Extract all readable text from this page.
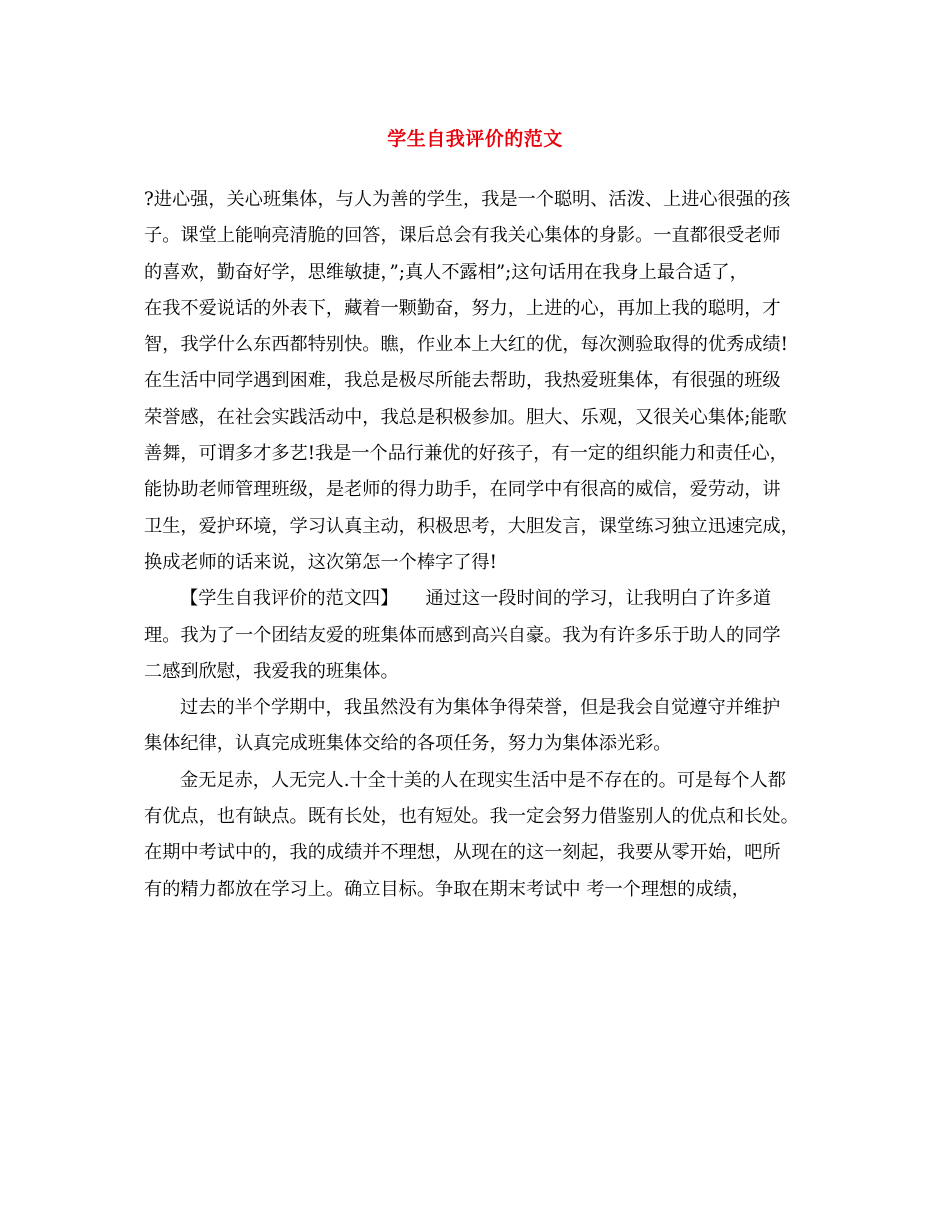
学生自我评价的范文
?进心强，关心班集体，与人为善的学生，我是一个聪明、活泼、上进心很强的孩
子。课堂上能响亮清脆的回答，课后总会有我关心集体的身影。一直都很受老师
的喜欢，勤奋好学，思维敏捷，”;真人不露相”;这句话用在我身上最合适了，
在我不爱说话的外表下，藏着一颗勤奋，努力，上进的心，再加上我的聪明，才
智，我学什么东西都特别快。瞧，作业本上大红的优，每次测验取得的优秀成绩!
在生活中同学遇到困难，我总是极尽所能去帮助，我热爱班集体，有很强的班级
荣誉感，在社会实践活动中，我总是积极参加。胆大、乐观，又很关心集体;能歌
善舞，可谓多才多艺!我是一个品行兼优的好孩子，有一定的组织能力和责任心，
能协助老师管理班级，是老师的得力助手，在同学中有很高的威信，爱劳动，讲
卫生，爱护环境，学习认真主动，积极思考，大胆发言，课堂练习独立迅速完成，
换成老师的话来说，这次第怎一个棒字了得!
【学生自我评价的范文四】　　通过这一段时间的学习，让我明白了许多道
理。我为了一个团结友爱的班集体而感到高兴自豪。我为有许多乐于助人的同学
二感到欣慰，我爱我的班集体。
过去的半个学期中，我虽然没有为集体争得荣誉，但是我会自觉遵守并维护
集体纪律，认真完成班集体交给的各项任务，努力为集体添光彩。
金无足赤，人无完人.十全十美的人在现实生活中是不存在的。可是每个人都
有优点，也有缺点。既有长处，也有短处。我一定会努力借鉴别人的优点和长处。
在期中考试中的，我的成绩并不理想，从现在的这一刻起，我要从零开始，吧所
有的精力都放在学习上。确立目标。争取在期末考试中 考一个理想的成绩，
